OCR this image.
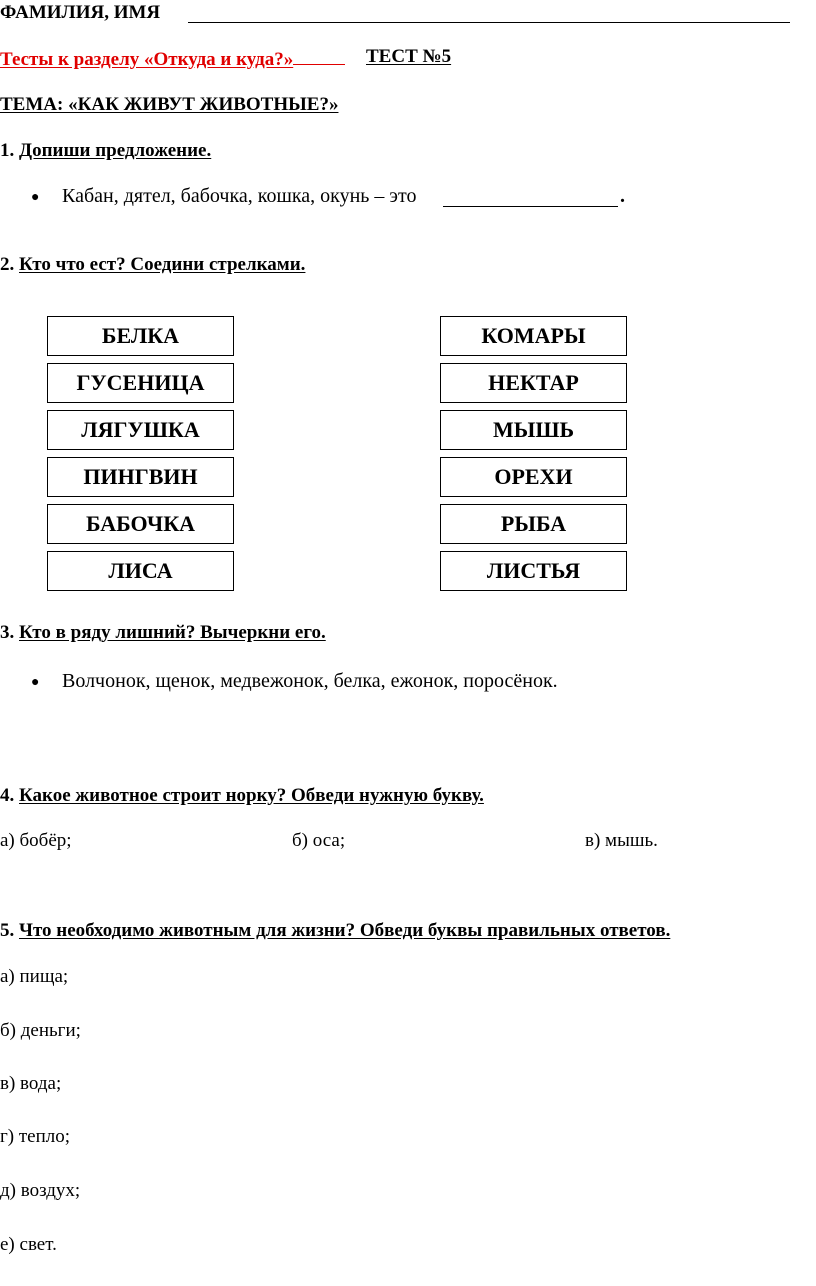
ФАМИЛИЯ, ИМЯ
Тесты к разделу «Откуда и куда?»	ТЕСТ №5
ТЕМА: «КАК ЖИВУТ ЖИВОТНЫЕ?»
1. Допиши предложение.
● Кабан, дятел, бабочка, кошка, окунь – это	.
2. Кто что ест? Соедини стрелками.
БЕЛКА
ГУСЕНИЦА
ЛЯГУШКА
ПИНГВИН
БАБОЧКА
ЛИСА
КОМАРЫ
НЕКТАР
МЫШЬ
ОРЕХИ
РЫБА
ЛИСТЬЯ
3. Кто в ряду лишний? Вычеркни его.
● Волчонок, щенок, медвежонок, белка, ежонок, поросёнок.
4. Какое животное строит норку? Обведи нужную букву.
а) бобёр;	б) оса;	в) мышь.
5. Что необходимо животным для жизни? Обведи буквы правильных ответов.
а) пища;
б) деньги;
в) вода;
г) тепло;
д) воздух;
е) свет.
